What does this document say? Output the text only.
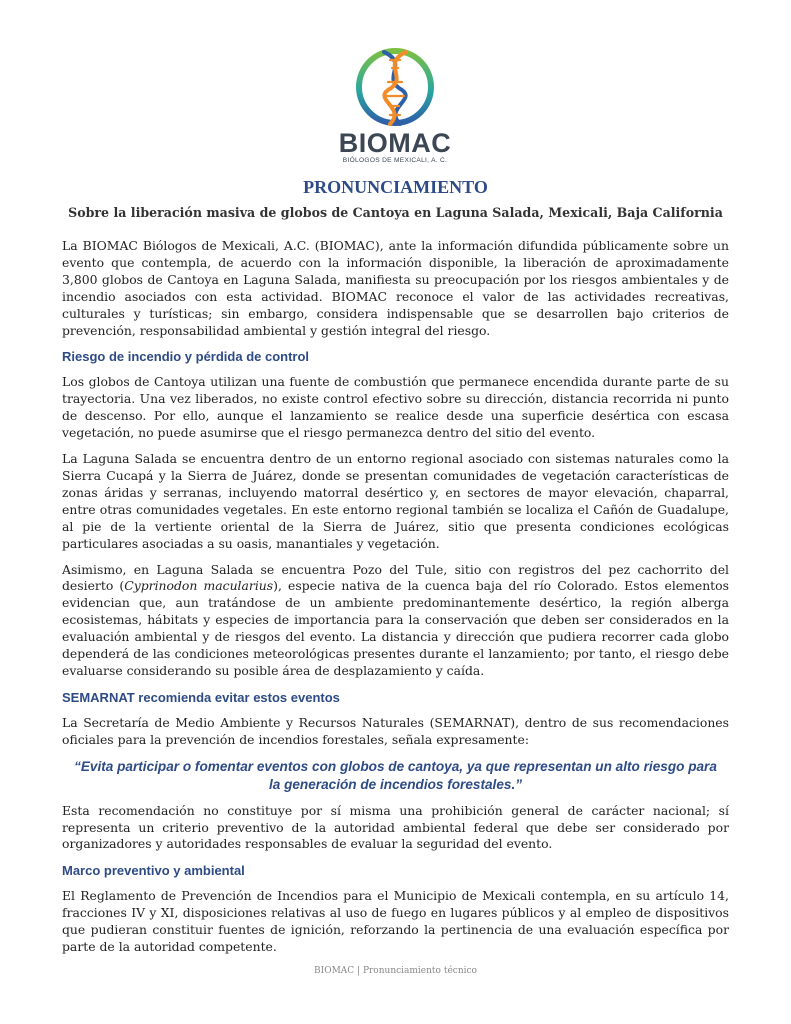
BIOMAC
BIÓLOGOS DE MEXICALI, A. C.
PRONUNCIAMIENTO
Sobre la liberación masiva de globos de Cantoya en Laguna Salada, Mexicali, Baja California

La BIOMAC Biólogos de Mexicali, A.C. (BIOMAC), ante la información difundida públicamente sobre un evento que contempla, de acuerdo con la información disponible, la liberación de aproximadamente 3,800 globos de Cantoya en Laguna Salada, manifiesta su preocupación por los riesgos ambientales y de incendio asociados con esta actividad. BIOMAC reconoce el valor de las actividades recreativas, culturales y turísticas; sin embargo, considera indispensable que se desarrollen bajo criterios de prevención, responsabilidad ambiental y gestión integral del riesgo.

Riesgo de incendio y pérdida de control

Los globos de Cantoya utilizan una fuente de combustión que permanece encendida durante parte de su trayectoria. Una vez liberados, no existe control efectivo sobre su dirección, distancia recorrida ni punto de descenso. Por ello, aunque el lanzamiento se realice desde una superficie desértica con escasa vegetación, no puede asumirse que el riesgo permanezca dentro del sitio del evento.

La Laguna Salada se encuentra dentro de un entorno regional asociado con sistemas naturales como la Sierra Cucapá y la Sierra de Juárez, donde se presentan comunidades de vegetación características de zonas áridas y serranas, incluyendo matorral desértico y, en sectores de mayor elevación, chaparral, entre otras comunidades vegetales. En este entorno regional también se localiza el Cañón de Guadalupe, al pie de la vertiente oriental de la Sierra de Juárez, sitio que presenta condiciones ecológicas particulares asociadas a su oasis, manantiales y vegetación.

Asimismo, en Laguna Salada se encuentra Pozo del Tule, sitio con registros del pez cachorrito del desierto (Cyprinodon macularius), especie nativa de la cuenca baja del río Colorado. Estos elementos evidencian que, aun tratándose de un ambiente predominantemente desértico, la región alberga ecosistemas, hábitats y especies de importancia para la conservación que deben ser considerados en la evaluación ambiental y de riesgos del evento. La distancia y dirección que pudiera recorrer cada globo dependerá de las condiciones meteorológicas presentes durante el lanzamiento; por tanto, el riesgo debe evaluarse considerando su posible área de desplazamiento y caída.

SEMARNAT recomienda evitar estos eventos

La Secretaría de Medio Ambiente y Recursos Naturales (SEMARNAT), dentro de sus recomendaciones oficiales para la prevención de incendios forestales, señala expresamente:

“Evita participar o fomentar eventos con globos de cantoya, ya que representan un alto riesgo para la generación de incendios forestales.”

Esta recomendación no constituye por sí misma una prohibición general de carácter nacional; sí representa un criterio preventivo de la autoridad ambiental federal que debe ser considerado por organizadores y autoridades responsables de evaluar la seguridad del evento.

Marco preventivo y ambiental

El Reglamento de Prevención de Incendios para el Municipio de Mexicali contempla, en su artículo 14, fracciones IV y XI, disposiciones relativas al uso de fuego en lugares públicos y al empleo de dispositivos que pudieran constituir fuentes de ignición, reforzando la pertinencia de una evaluación específica por parte de la autoridad competente.

BIOMAC | Pronunciamiento técnico
